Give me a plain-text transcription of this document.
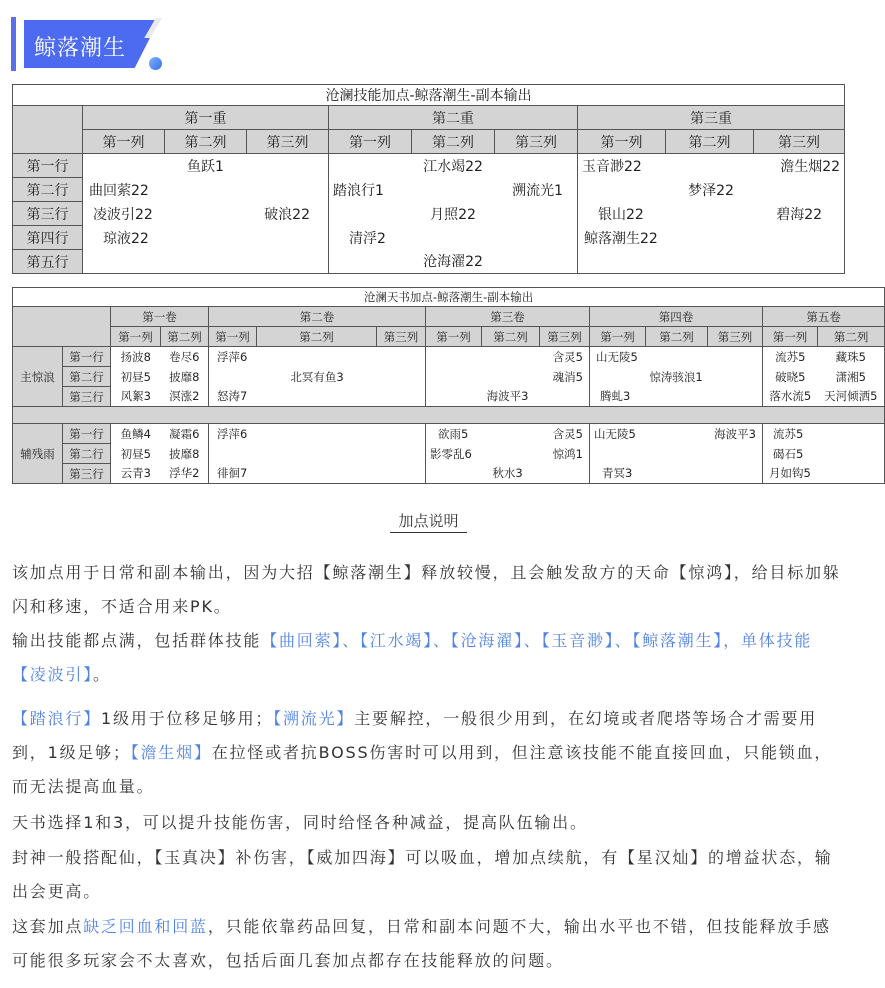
鲸落潮生
沧澜技能加点-鲸落潮生-副本输出									
	第一重			第二重			第三重		
	第一列	第二列	第三列	第一列	第二列	第三列	第一列	第二列	第三列
第一行	鱼跃1			江水竭22			玉音渺22 澹生烟22		

第二行	曲回萦22			踏浪行1 溯流光1			梦泽22		
第三行	凌波引22 破浪22			月照22			银山22 碧海22		

第四行	琼液22			清浮2			鲸落潮生22		
第五行				沧海濯22					
沧澜天书加点-鲸落潮生-副本输出														
		第一卷		第二卷			第三卷			第四卷			第五卷	
		第一列	第二列	第一列	第二列	第三列	第一列	第二列	第三列	第一列	第二列	第三列	第一列	第二列
主惊浪	第一行	扬波8	卷尽6	浮萍6			含灵5			山无陵5			流苏5	藏珠5
	第二行	初昼5	披靡8	北冥有鱼3			魂消5			惊涛骇浪1			破晓5	潇湘5
	第三行	风絮3	溟涨2	怒涛7			海波平3			腾虬3			落水流5	天河倾洒5

辅残雨	第一行	鱼鳞4	凝霜6	浮萍6			欲雨5 含灵5			山无陵5 海波平3			流苏5	
	第二行	初昼5	披靡8				影零乱6 惊鸿1						碣石5	
	第三行	云青3	浮华2	徘徊7			秋水3			青冥3			月如钩5	
加点说明

该加点用于日常和副本输出，因为大招【鲸落潮生】释放较慢，且会触发敌方的天命【惊鸿】，给目标加躲闪和移速，不适合用来PK。

输出技能都点满，包括群体技能【曲回萦】、【江水竭】、【沧海濯】、【玉音渺】、【鲸落潮生】，单体技能【凌波引】。

【踏浪行】1级用于位移足够用；【溯流光】主要解控，一般很少用到，在幻境或者爬塔等场合才需要用到，1级足够；【澹生烟】在拉怪或者抗BOSS伤害时可以用到，但注意该技能不能直接回血，只能锁血，而无法提高血量。

天书选择1和3，可以提升技能伤害，同时给怪各种减益，提高队伍输出。

封神一般搭配仙，【玉真决】补伤害，【威加四海】可以吸血，增加点续航，有【星汉灿】的增益状态，输出会更高。

这套加点缺乏回血和回蓝，只能依靠药品回复，日常和副本问题不大，输出水平也不错，但技能释放手感可能很多玩家会不太喜欢，包括后面几套加点都存在技能释放的问题。
